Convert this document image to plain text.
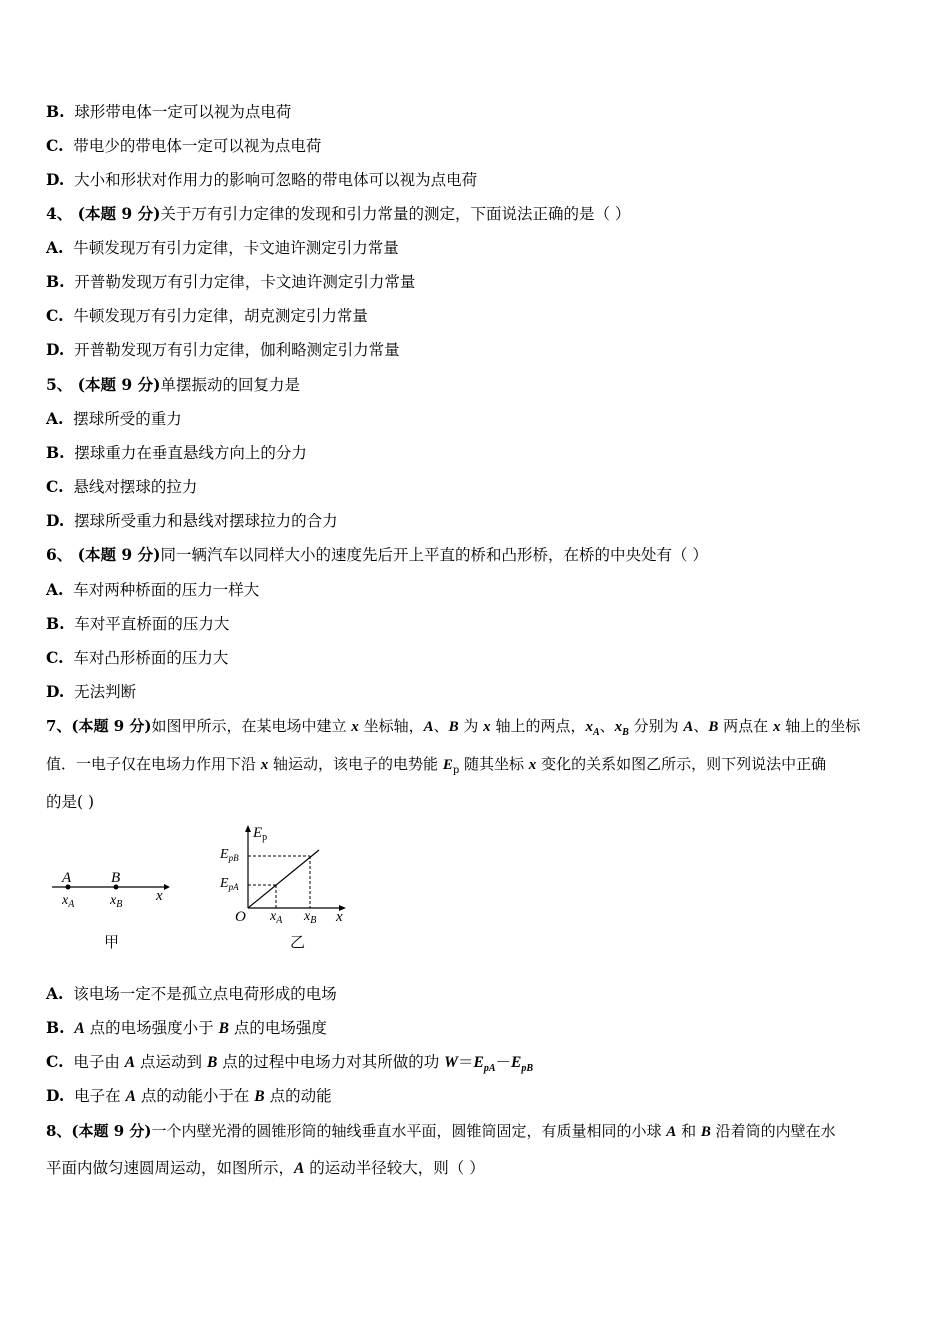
B. 球形带电体一定可以视为点电荷
C. 带电少的带电体一定可以视为点电荷
D. 大小和形状对作用力的影响可忽略的带电体可以视为点电荷
4、 (本题 9 分)关于万有引力定律的发现和引力常量的测定，下面说法正确的是（ ）
A. 牛顿发现万有引力定律，卡文迪许测定引力常量
B. 开普勒发现万有引力定律，卡文迪许测定引力常量
C. 牛顿发现万有引力定律，胡克测定引力常量
D. 开普勒发现万有引力定律，伽利略测定引力常量
5、 (本题 9 分)单摆振动的回复力是
A. 摆球所受的重力
B. 摆球重力在垂直悬线方向上的分力
C. 悬线对摆球的拉力
D. 摆球所受重力和悬线对摆球拉力的合力
6、 (本题 9 分)同一辆汽车以同样大小的速度先后开上平直的桥和凸形桥，在桥的中央处有（ ）
A. 车对两种桥面的压力一样大
B. 车对平直桥面的压力大
C. 车对凸形桥面的压力大
D. 无法判断
7、(本题 9 分)如图甲所示，在某电场中建立 x 坐标轴，A、B 为 x 轴上的两点，$x_A$、$x_B$ 分别为 A、B 两点在 x 轴上的坐标
值．一电子仅在电场力作用下沿 x 轴运动，该电子的电势能 $E_p$ 随其坐标 x 变化的关系如图乙所示，则下列说法中正确
的是( )
A	B
$x_A$	$x_B$
x
甲
$E_p$
$E_{pB}$
$E_{pA}$
O $x_A$ $x_B$ x
乙
A. 该电场一定不是孤立点电荷形成的电场
B. A 点的电场强度小于 B 点的电场强度
C. 电子由 A 点运动到 B 点的过程中电场力对其所做的功 $W=E_{pA}-E_{pB}$
D. 电子在 A 点的动能小于在 B 点的动能
8、(本题 9 分)一个内壁光滑的圆锥形筒的轴线垂直水平面，圆锥筒固定，有质量相同的小球 A 和 B 沿着筒的内壁在水
平面内做匀速圆周运动，如图所示，A 的运动半径较大，则（ ）
